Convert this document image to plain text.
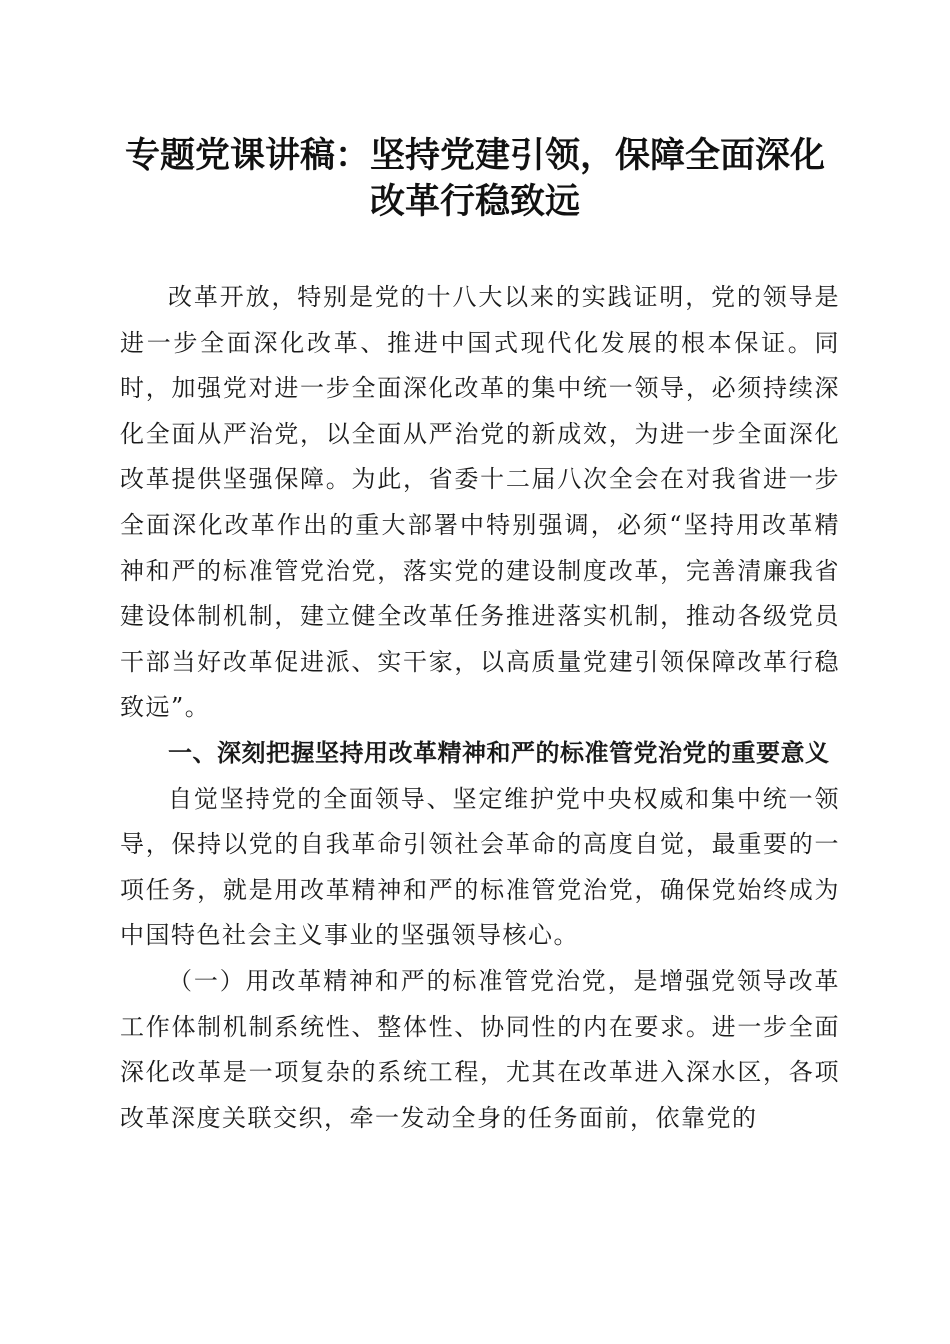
专题党课讲稿：坚持党建引领，保障全面深化改革行稳致远

改革开放，特别是党的十八大以来的实践证明，党的领导是进一步全面深化改革、推进中国式现代化发展的根本保证。同时，加强党对进一步全面深化改革的集中统一领导，必须持续深化全面从严治党，以全面从严治党的新成效，为进一步全面深化改革提供坚强保障。为此，省委十二届八次全会在对我省进一步全面深化改革作出的重大部署中特别强调，必须“坚持用改革精神和严的标准管党治党，落实党的建设制度改革，完善清廉我省建设体制机制，建立健全改革任务推进落实机制，推动各级党员干部当好改革促进派、实干家，以高质量党建引领保障改革行稳致远”。

一、深刻把握坚持用改革精神和严的标准管党治党的重要意义

自觉坚持党的全面领导、坚定维护党中央权威和集中统一领导，保持以党的自我革命引领社会革命的高度自觉，最重要的一项任务，就是用改革精神和严的标准管党治党，确保党始终成为中国特色社会主义事业的坚强领导核心。

（一）用改革精神和严的标准管党治党，是增强党领导改革工作体制机制系统性、整体性、协同性的内在要求。进一步全面深化改革是一项复杂的系统工程，尤其在改革进入深水区，各项改革深度关联交织，牵一发动全身的任务面前，依靠党的
